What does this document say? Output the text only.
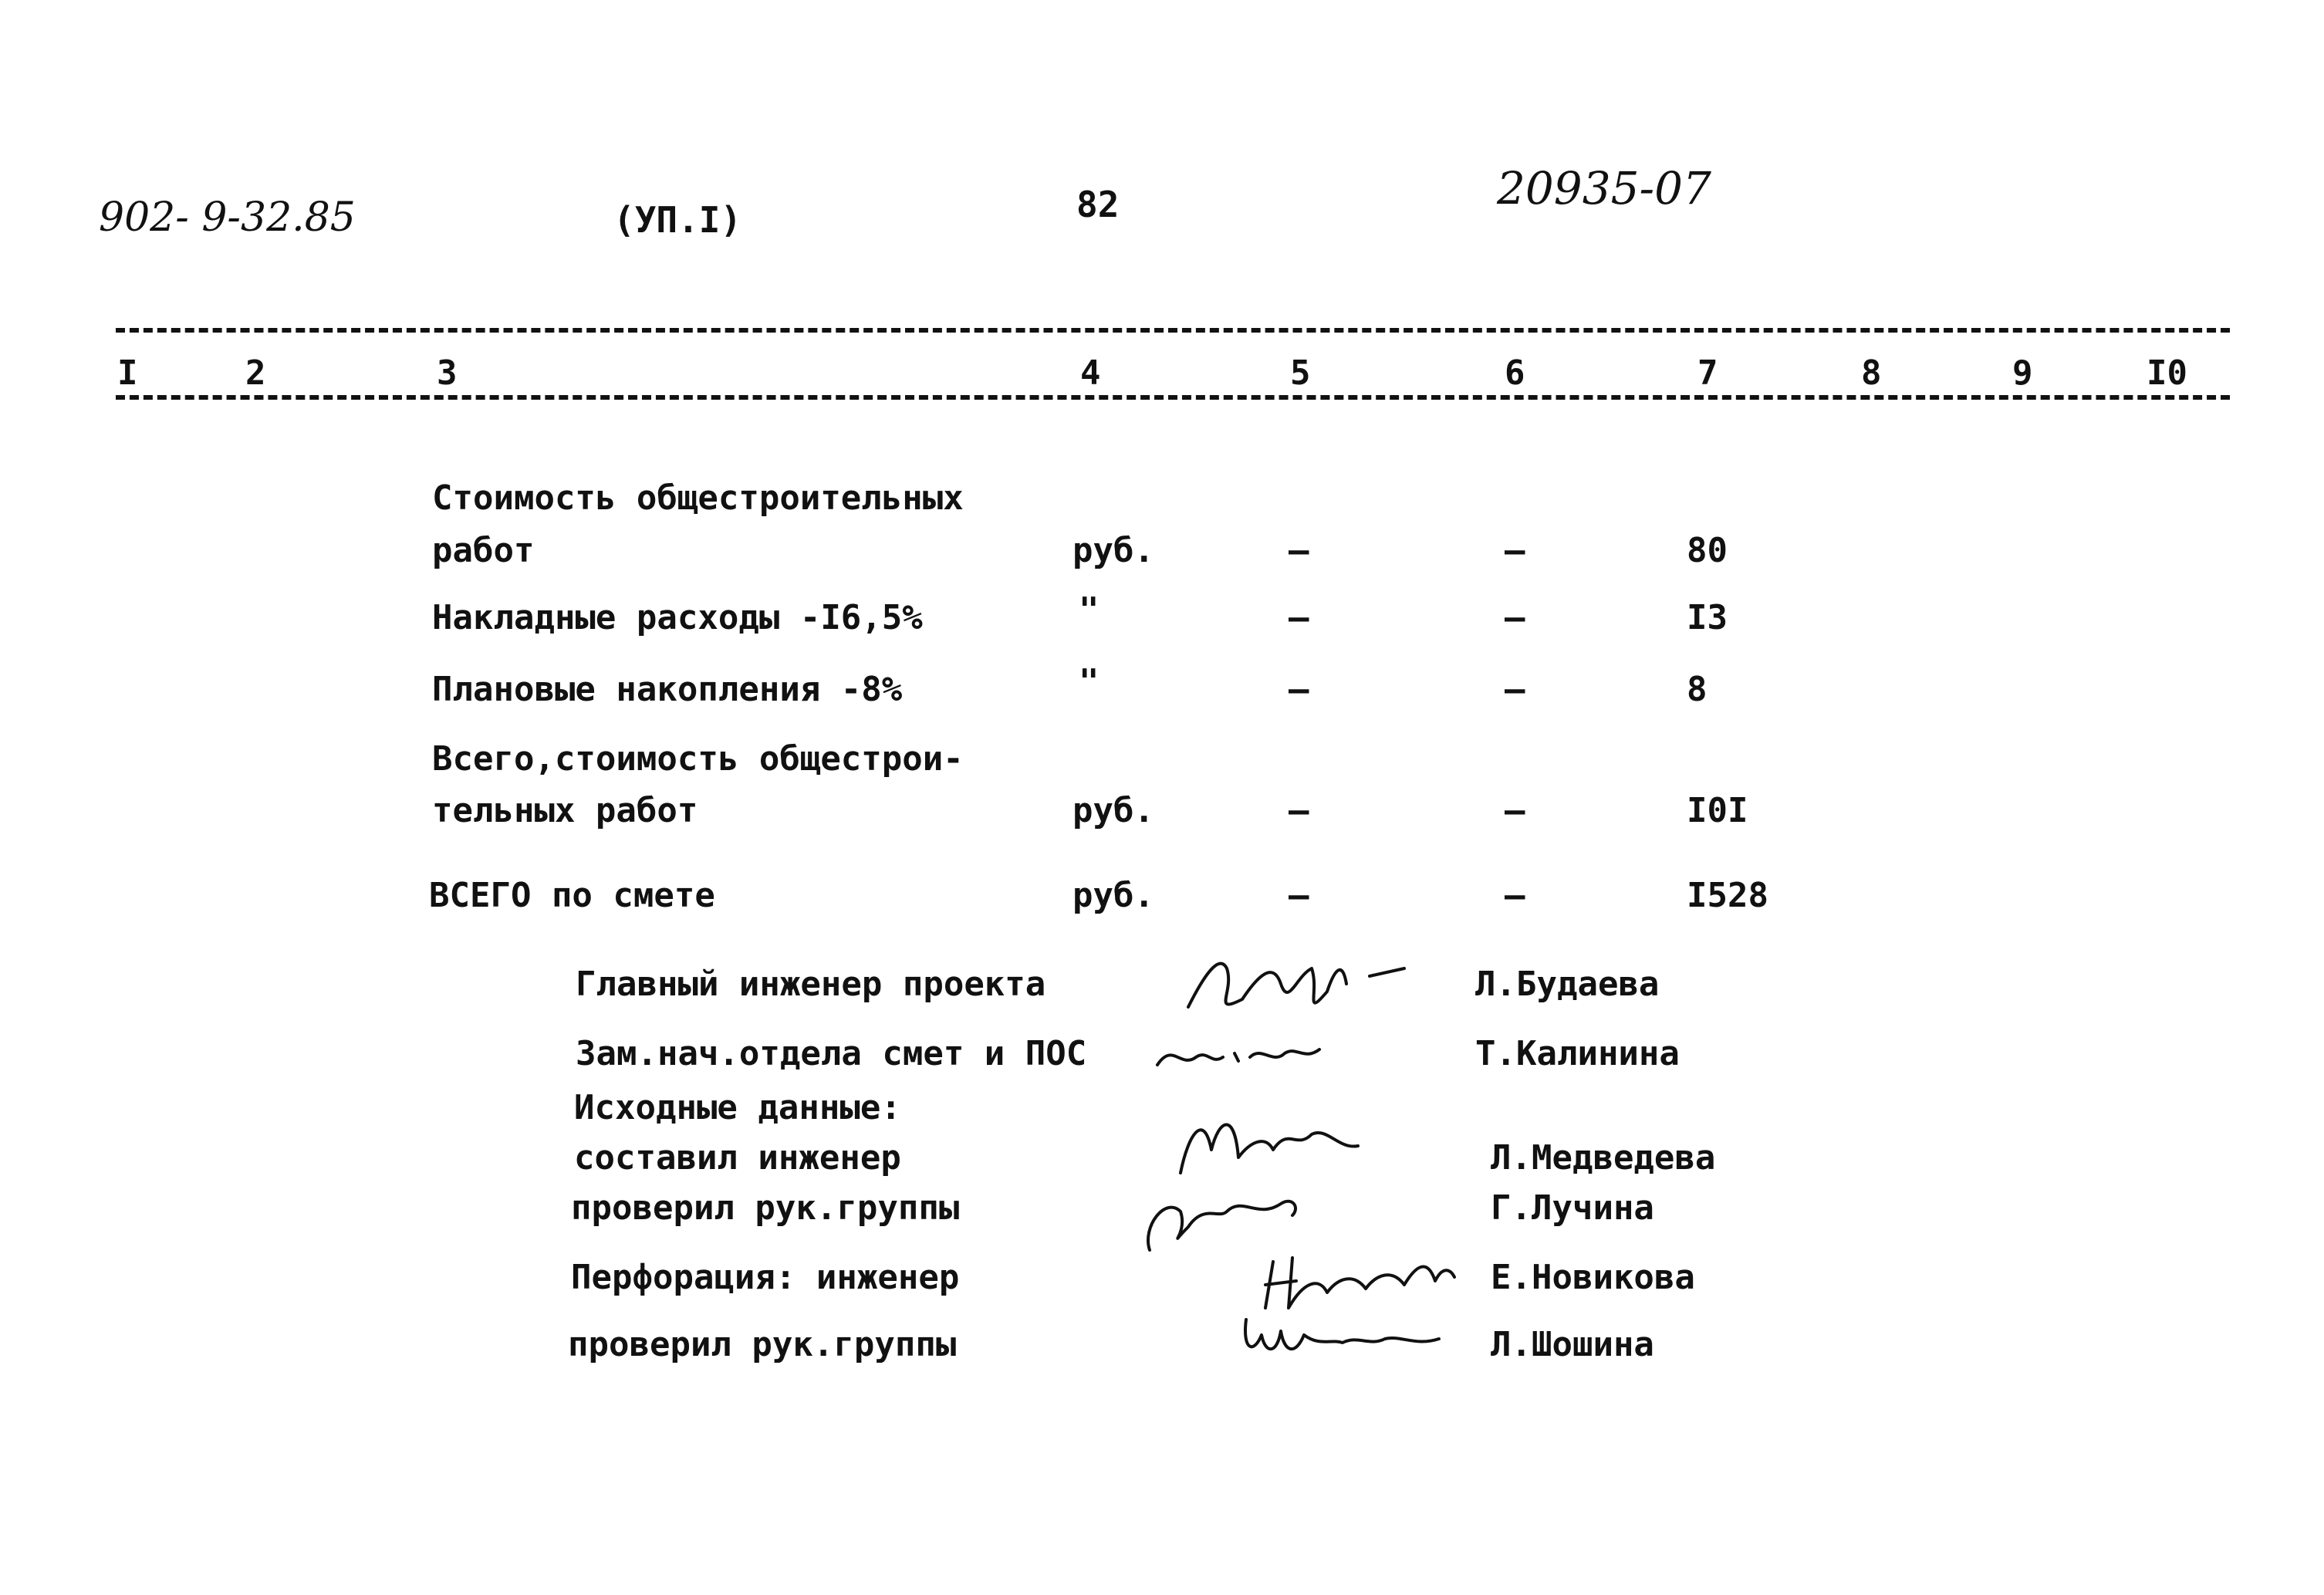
902- 9-32.85	(УП.I)	82	20935-07
I	2	3	4	5	6	7	8	9	I0
Стоимость общестроительных
работ	руб.	–	–	80
Накладные расходы -I6,5%	"	–	–	I3
Плановые накопления -8%	"	–	–	8
Всего,стоимость общестрои-
тельных работ	руб.	–	–	I0I
ВСЕГО по смете	руб.	–	–	I528
Главный инженер проекта	Л.Будаева
Зам.нач.отдела смет и ПОС	Т.Калинина
Исходные данные:
составил инженер	Л.Медведева
проверил рук.группы	Г.Лучина
Перфорация: инженер	Е.Новикова
проверил рук.группы	Л.Шошина
